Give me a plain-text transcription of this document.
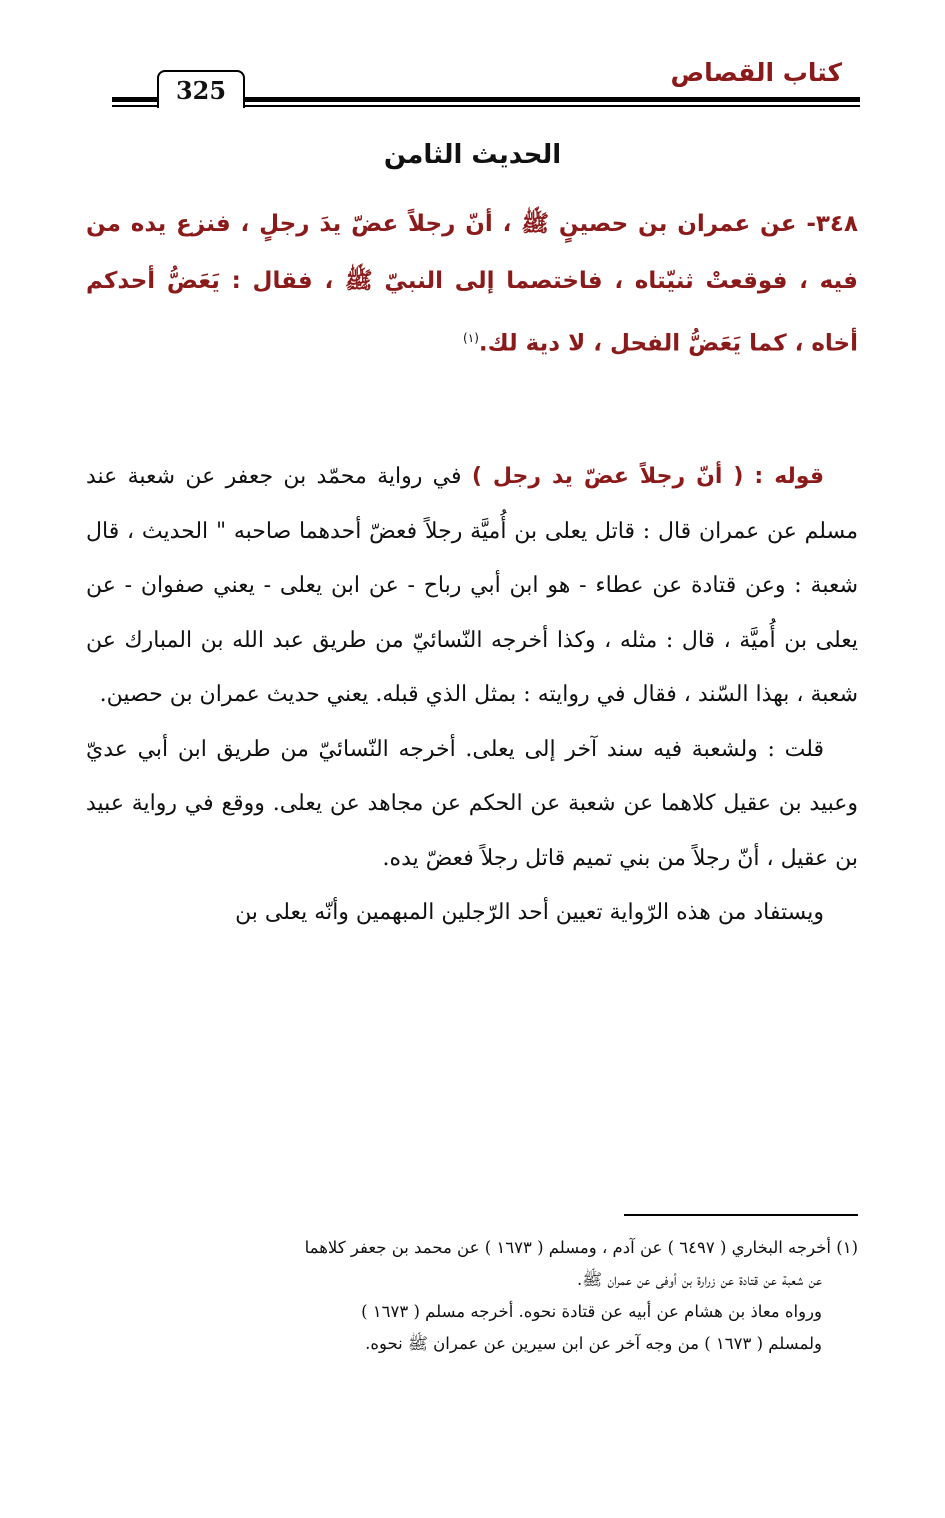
325
كتاب القصاص
الحديث الثامن
٣٤٨- عن عمران بن حصينٍ ﷺ ، أنّ رجلاً عضّ يدَ رجلٍ ، فنزع يده من فيه ، فوقعتْ ثنيّتاه ، فاختصما إلى النبيّ ﷺ ، فقال : يَعَضُّ أحدكم أخاه ، كما يَعَضُّ الفحل ، لا دية لك.$^{(١)}$

قوله : ( أنّ رجلاً عضّ يد رجل ) في رواية محمّد بن جعفر عن شعبة عند مسلم عن عمران قال : قاتل يعلى بن أُميَّة رجلاً فعضّ أحدهما صاحبه " الحديث ، قال شعبة : وعن قتادة عن عطاء - هو ابن أبي رباح - عن ابن يعلى - يعني صفوان - عن يعلى بن أُميَّة ، قال : مثله ، وكذا أخرجه النّسائيّ من طريق عبد الله بن المبارك عن شعبة ، بهذا السّند ، فقال في روايته : بمثل الذي قبله. يعني حديث عمران بن حصين.

قلت : ولشعبة فيه سند آخر إلى يعلى. أخرجه النّسائيّ من طريق ابن أبي عديّ وعبيد بن عقيل كلاهما عن شعبة عن الحكم عن مجاهد عن يعلى. ووقع في رواية عبيد بن عقيل ، أنّ رجلاً من بني تميم قاتل رجلاً فعضّ يده.

ويستفاد من هذه الرّواية تعيين أحد الرّجلين المبهمين وأنّه يعلى بن

(١) أخرجه البخاري ( ٦٤٩٧ ) عن آدم ، ومسلم ( ١٦٧٣ ) عن محمد بن جعفر كلاهما
عن شعبة عن قتادة عن زرارة بن أوفى عن عمران ﷺ.
ورواه معاذ بن هشام عن أبيه عن قتادة نحوه. أخرجه مسلم ( ١٦٧٣ )
ولمسلم ( ١٦٧٣ ) من وجه آخر عن ابن سيرين عن عمران ﷺ نحوه.
